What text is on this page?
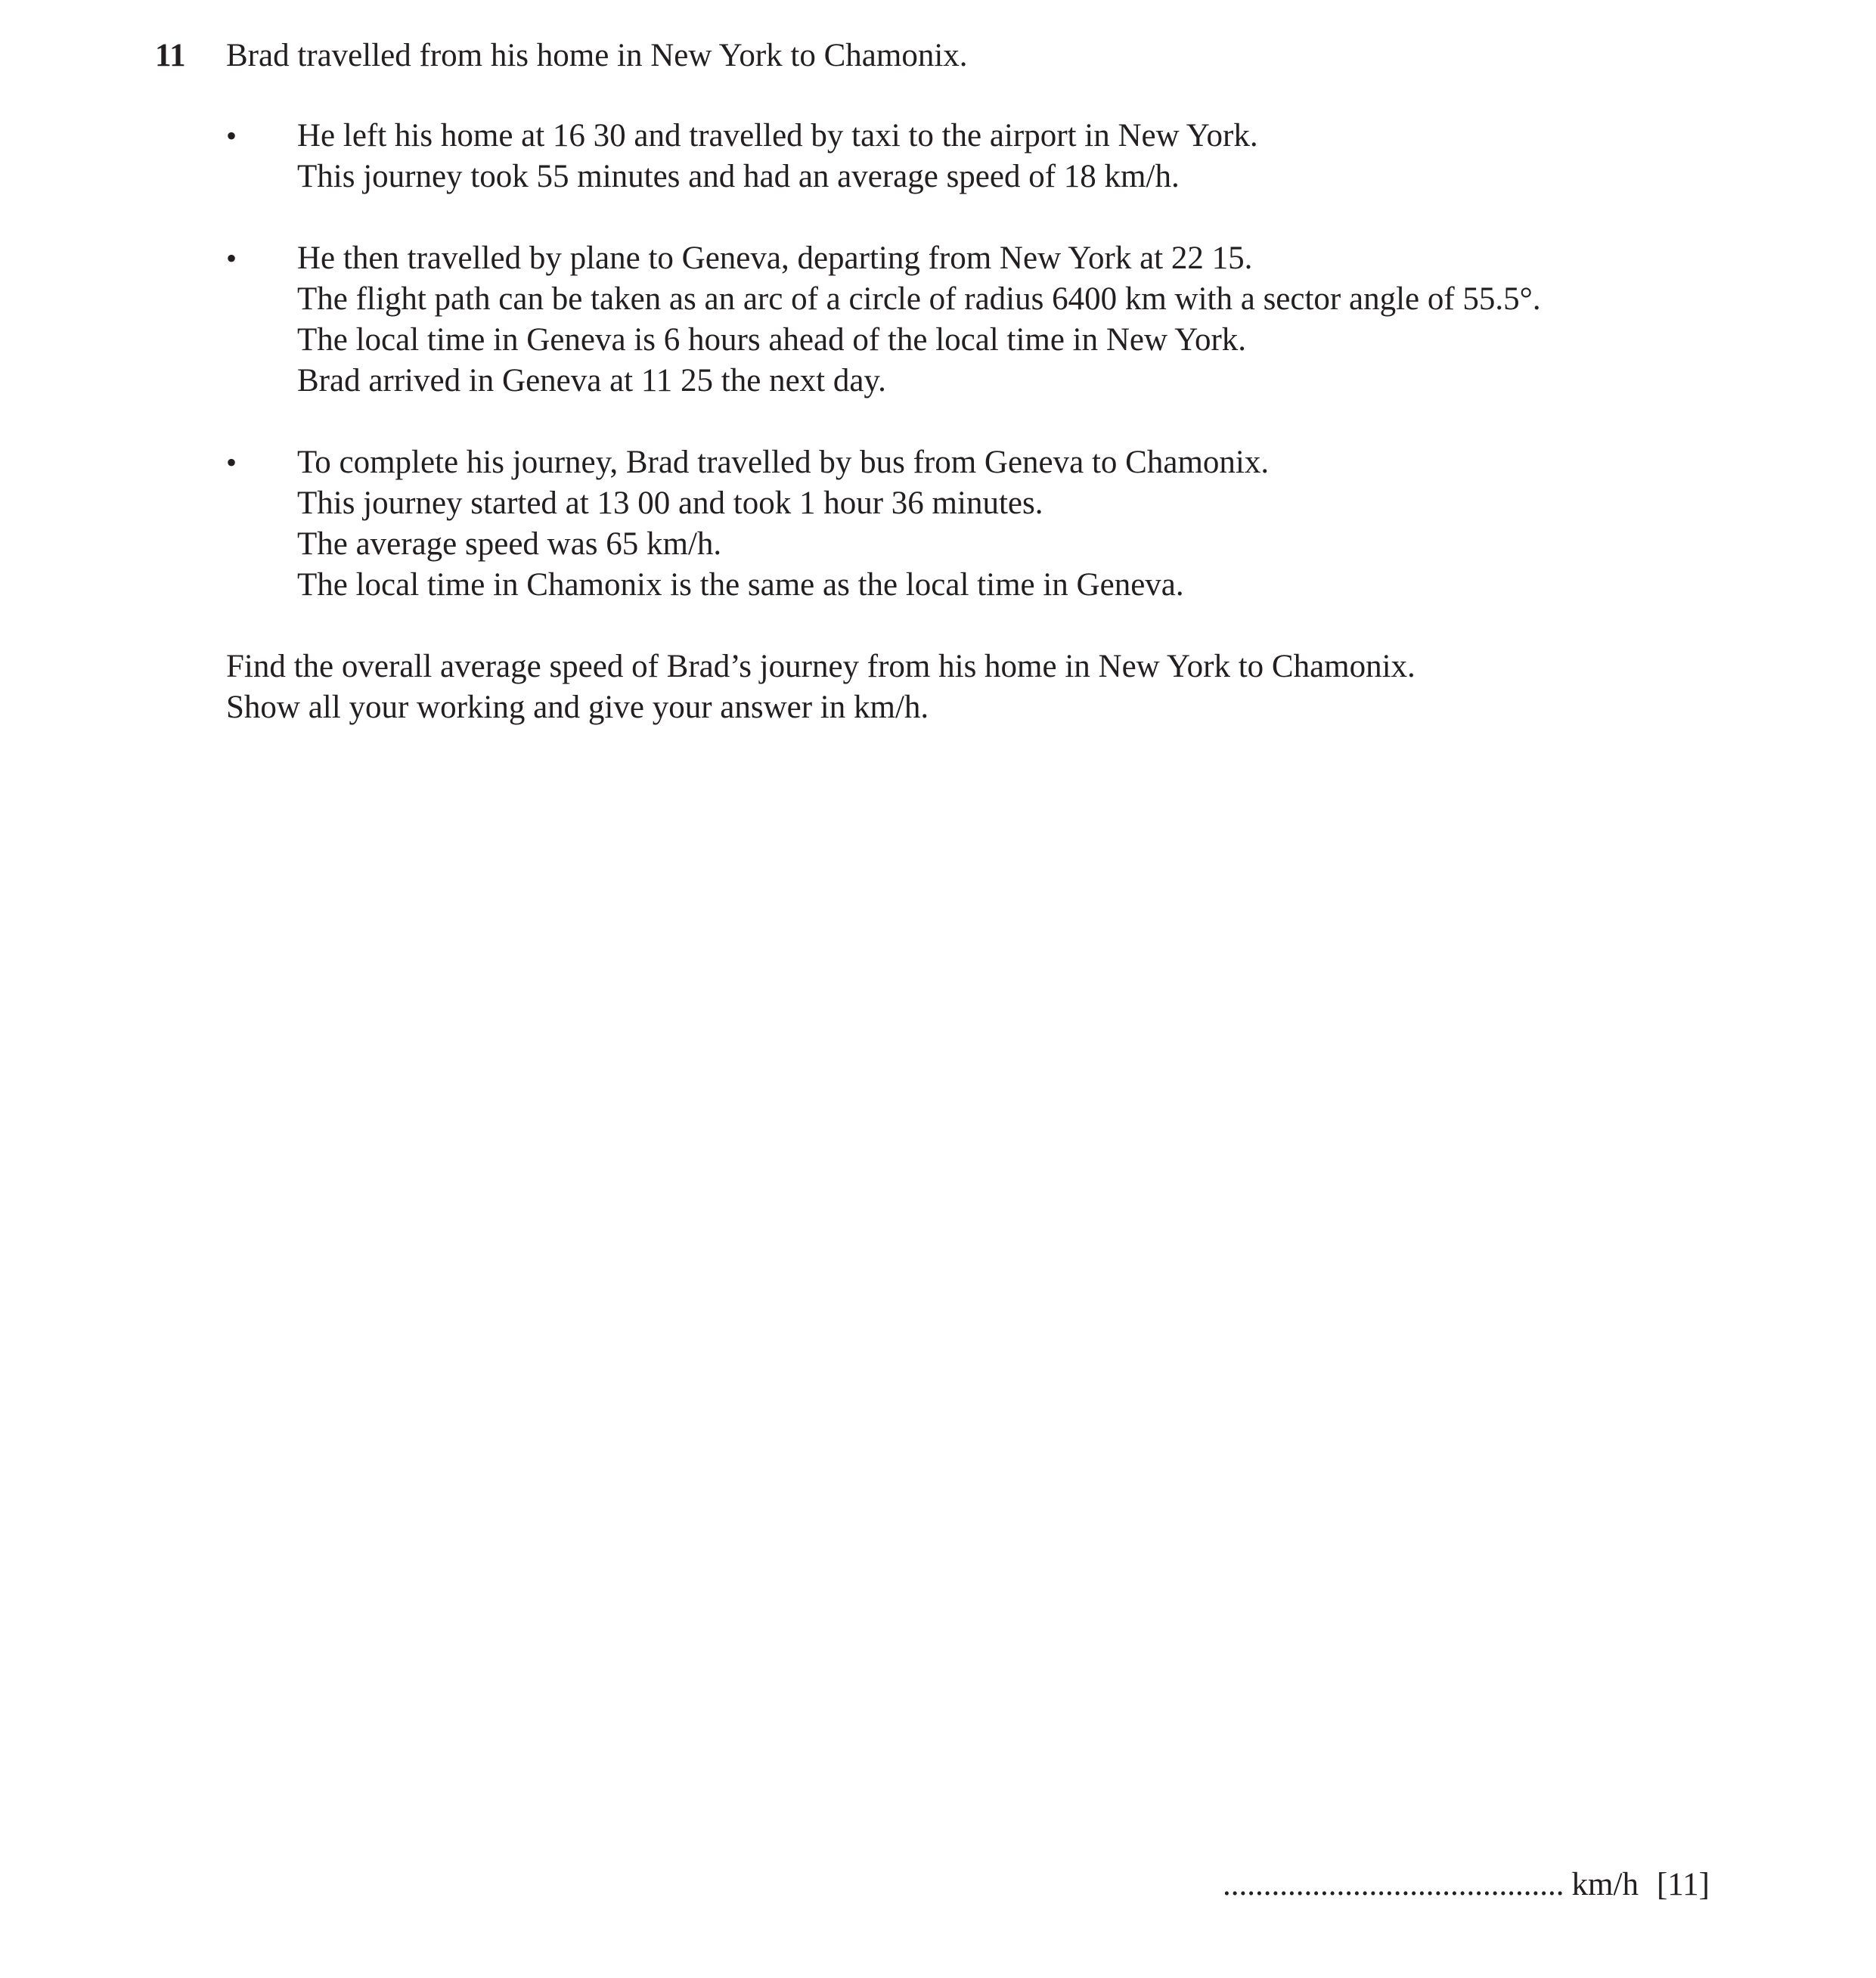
11 Brad travelled from his home in New York to Chamonix.
• He left his home at 16 30 and travelled by taxi to the airport in New York.
This journey took 55 minutes and had an average speed of 18 km/h.
• He then travelled by plane to Geneva, departing from New York at 22 15.
The flight path can be taken as an arc of a circle of radius 6400 km with a sector angle of 55.5°.
The local time in Geneva is 6 hours ahead of the local time in New York.
Brad arrived in Geneva at 11 25 the next day.
• To complete his journey, Brad travelled by bus from Geneva to Chamonix.
This journey started at 13 00 and took 1 hour 36 minutes.
The average speed was 65 km/h.
The local time in Chamonix is the same as the local time in Geneva.
Find the overall average speed of Brad’s journey from his home in New York to Chamonix.
Show all your working and give your answer in km/h.
.......................................... km/h [11]
